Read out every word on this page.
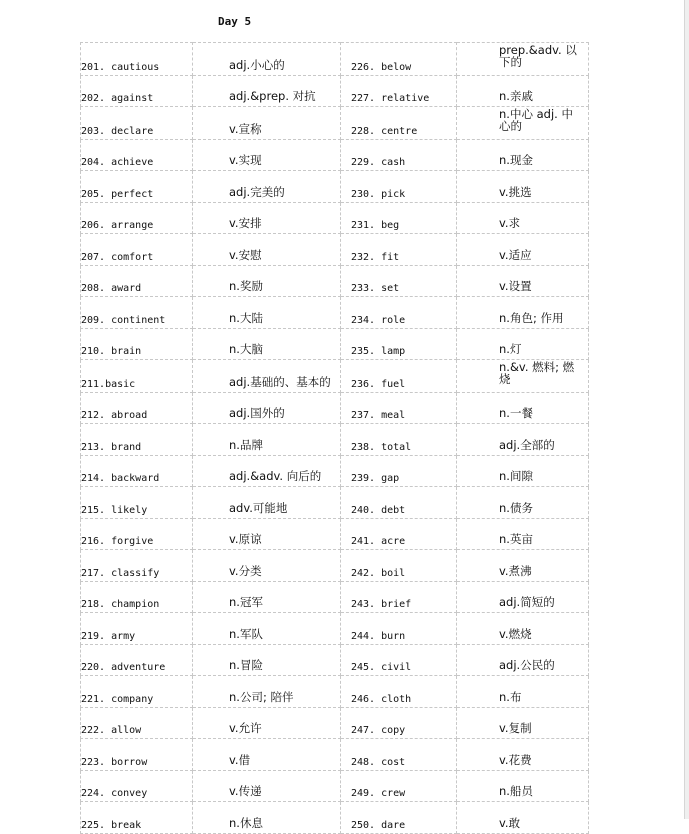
Day 5
201. cautious	adj.小心的	226. below	prep.&adv. 以下的
202. against	adj.&prep. 对抗	227. relative	n.亲戚
203. declare	v.宣称	228. centre	n.中心 adj. 中心的
204. achieve	v.实现	229. cash	n.现金
205. perfect	adj.完美的	230. pick	v.挑选
206. arrange	v.安排	231. beg	v.求
207. comfort	v.安慰	232. fit	v.适应
208. award	n.奖励	233. set	v.设置
209. continent	n.大陆	234. role	n.角色; 作用
210. brain	n.大脑	235. lamp	n.灯
211.basic	adj.基础的、基本的	236. fuel	n.&v. 燃料; 燃烧
212. abroad	adj.国外的	237. meal	n.一餐
213. brand	n.品牌	238. total	adj.全部的
214. backward	adj.&adv. 向后的	239. gap	n.间隙
215. likely	adv.可能地	240. debt	n.债务
216. forgive	v.原谅	241. acre	n.英亩
217. classify	v.分类	242. boil	v.煮沸
218. champion	n.冠军	243. brief	adj.简短的
219. army	n.军队	244. burn	v.燃烧
220. adventure	n.冒险	245. civil	adj.公民的
221. company	n.公司; 陪伴	246. cloth	n.布
222. allow	v.允许	247. copy	v.复制
223. borrow	v.借	248. cost	v.花费
224. convey	v.传递	249. crew	n.船员
225. break	n.休息	250. dare	v.敢
